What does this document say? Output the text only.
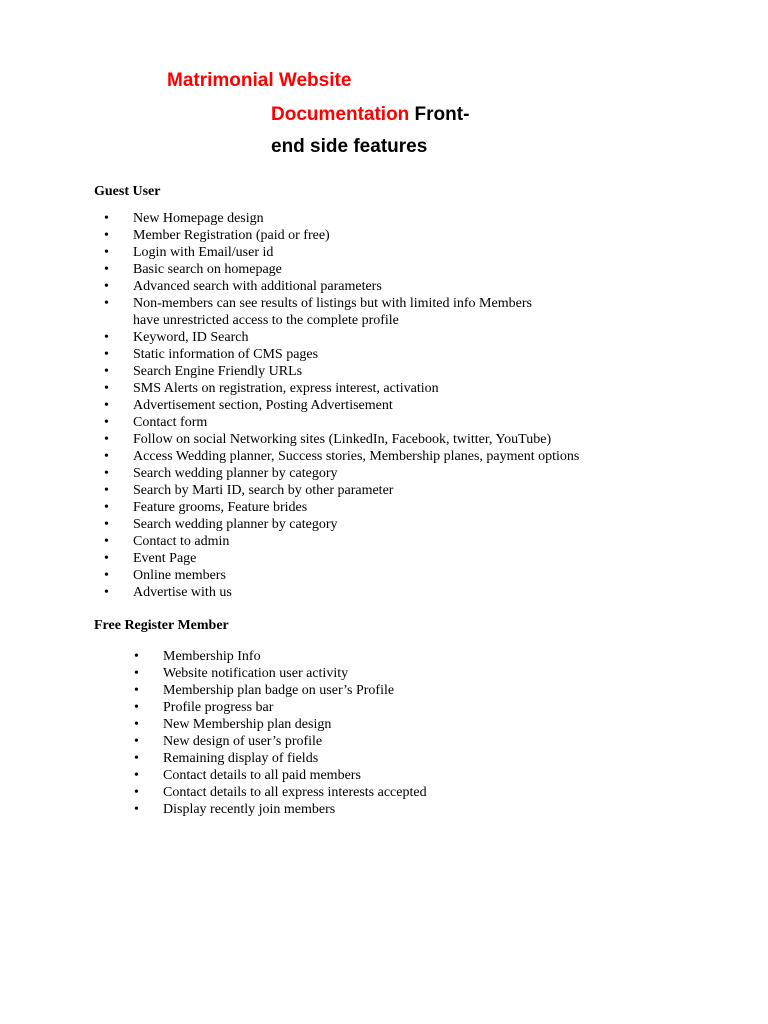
Matrimonial Website
Documentation Front-
end side features
Guest User
• New Homepage design
• Member Registration (paid or free)
• Login with Email/user id
• Basic search on homepage
• Advanced search with additional parameters
• Non-members can see results of listings but with limited info Members
have unrestricted access to the complete profile
• Keyword, ID Search
• Static information of CMS pages
• Search Engine Friendly URLs
• SMS Alerts on registration, express interest, activation
• Advertisement section, Posting Advertisement
• Contact form
• Follow on social Networking sites (LinkedIn, Facebook, twitter, YouTube)
• Access Wedding planner, Success stories, Membership planes, payment options
• Search wedding planner by category
• Search by Marti ID, search by other parameter
• Feature grooms, Feature brides
• Search wedding planner by category
• Contact to admin
• Event Page
• Online members
• Advertise with us
Free Register Member
• Membership Info
• Website notification user activity
• Membership plan badge on user’s Profile
• Profile progress bar
• New Membership plan design
• New design of user’s profile
• Remaining display of fields
• Contact details to all paid members
• Contact details to all express interests accepted
• Display recently join members
